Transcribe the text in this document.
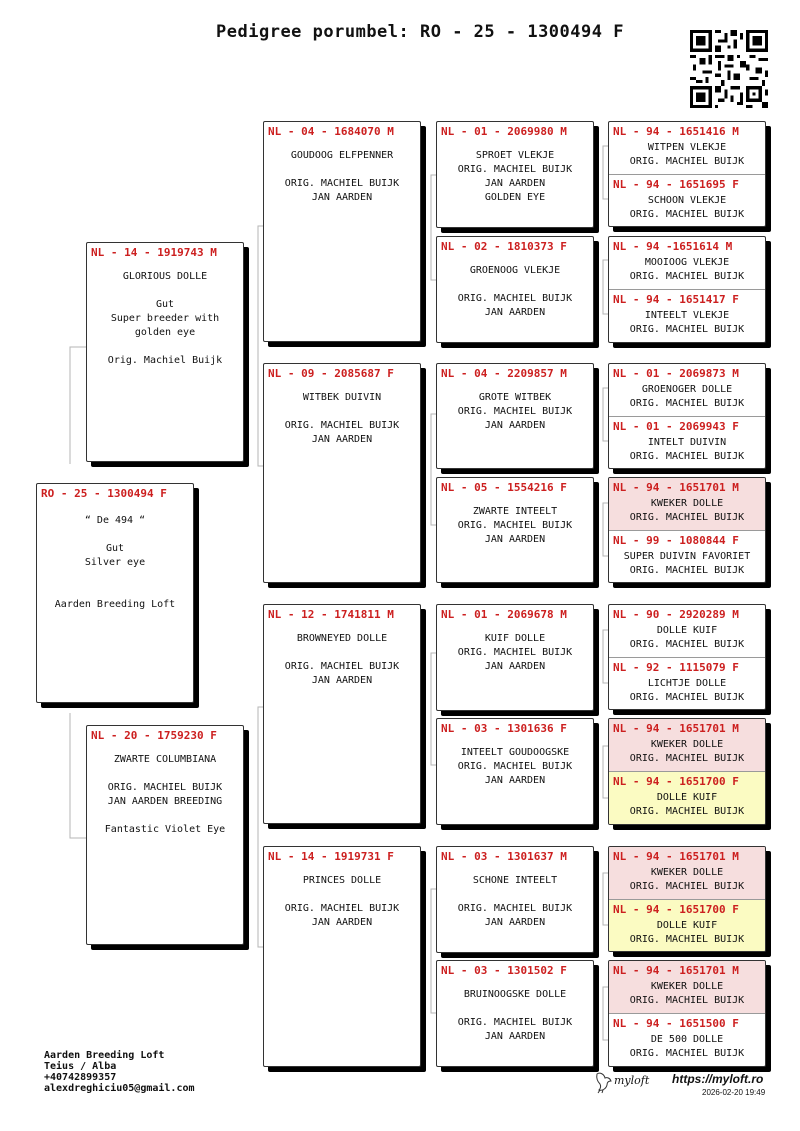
Pedigree porumbel: RO - 25 - 1300494 F
RO - 25 - 1300494 F
“ De 494 “

Gut
Silver eye

Aarden Breeding Loft
NL - 14 - 1919743 M
GLORIOUS DOLLE

Gut
Super breeder with
golden eye

Orig. Machiel Buijk
NL - 20 - 1759230 F
ZWARTE COLUMBIANA

ORIG. MACHIEL BUIJK
JAN AARDEN BREEDING

Fantastic Violet Eye
NL - 04 - 1684070 M
GOUDOOG ELFPENNER

ORIG. MACHIEL BUIJK
JAN AARDEN
NL - 09 - 2085687 F
WITBEK DUIVIN

ORIG. MACHIEL BUIJK
JAN AARDEN
NL - 12 - 1741811 M
BROWNEYED DOLLE

ORIG. MACHIEL BUIJK
JAN AARDEN
NL - 14 - 1919731 F
PRINCES DOLLE

ORIG. MACHIEL BUIJK
JAN AARDEN
NL - 01 - 2069980 M
SPROET VLEKJE
ORIG. MACHIEL BUIJK
JAN AARDEN
GOLDEN EYE
NL - 02 - 1810373 F
GROENOOG VLEKJE

ORIG. MACHIEL BUIJK
JAN AARDEN
NL - 04 - 2209857 M
GROTE WITBEK
ORIG. MACHIEL BUIJK
JAN AARDEN
NL - 05 - 1554216 F
ZWARTE INTEELT
ORIG. MACHIEL BUIJK
JAN AARDEN
NL - 01 - 2069678 M
KUIF DOLLE
ORIG. MACHIEL BUIJK
JAN AARDEN
NL - 03 - 1301636 F
INTEELT GOUDOOGSKE
ORIG. MACHIEL BUIJK
JAN AARDEN
NL - 03 - 1301637 M
SCHONE INTEELT

ORIG. MACHIEL BUIJK
JAN AARDEN
NL - 03 - 1301502 F
BRUINOOGSKE DOLLE

ORIG. MACHIEL BUIJK
JAN AARDEN
NL - 94 - 1651416 M
WITPEN VLEKJE
ORIG. MACHIEL BUIJK
NL - 94 - 1651695 F
SCHOON VLEKJE
ORIG. MACHIEL BUIJK
NL - 94 -1651614 M
MOOIOOG VLEKJE
ORIG. MACHIEL BUIJK
NL - 94 - 1651417 F
INTEELT VLEKJE
ORIG. MACHIEL BUIJK
NL - 01 - 2069873 M
GROENOGER DOLLE
ORIG. MACHIEL BUIJK
NL - 01 - 2069943 F
INTELT DUIVIN
ORIG. MACHIEL BUIJK
NL - 94 - 1651701 M
KWEKER DOLLE
ORIG. MACHIEL BUIJK
NL - 99 - 1080844 F
SUPER DUIVIN FAVORIET
ORIG. MACHIEL BUIJK
NL - 90 - 2920289 M
DOLLE KUIF
ORIG. MACHIEL BUIJK
NL - 92 - 1115079 F
LICHTJE DOLLE
ORIG. MACHIEL BUIJK
NL - 94 - 1651701 M
KWEKER DOLLE
ORIG. MACHIEL BUIJK
NL - 94 - 1651700 F
DOLLE KUIF
ORIG. MACHIEL BUIJK
NL - 94 - 1651701 M
KWEKER DOLLE
ORIG. MACHIEL BUIJK
NL - 94 - 1651700 F
DOLLE KUIF
ORIG. MACHIEL BUIJK
NL - 94 - 1651701 M
KWEKER DOLLE
ORIG. MACHIEL BUIJK
NL - 94 - 1651500 F
DE 500 DOLLE
ORIG. MACHIEL BUIJK
Aarden Breeding Loft
Teius / Alba
+40742899357
alexdreghiciu05@gmail.com
myloft https://myloft.ro
2026-02-20 19:49
